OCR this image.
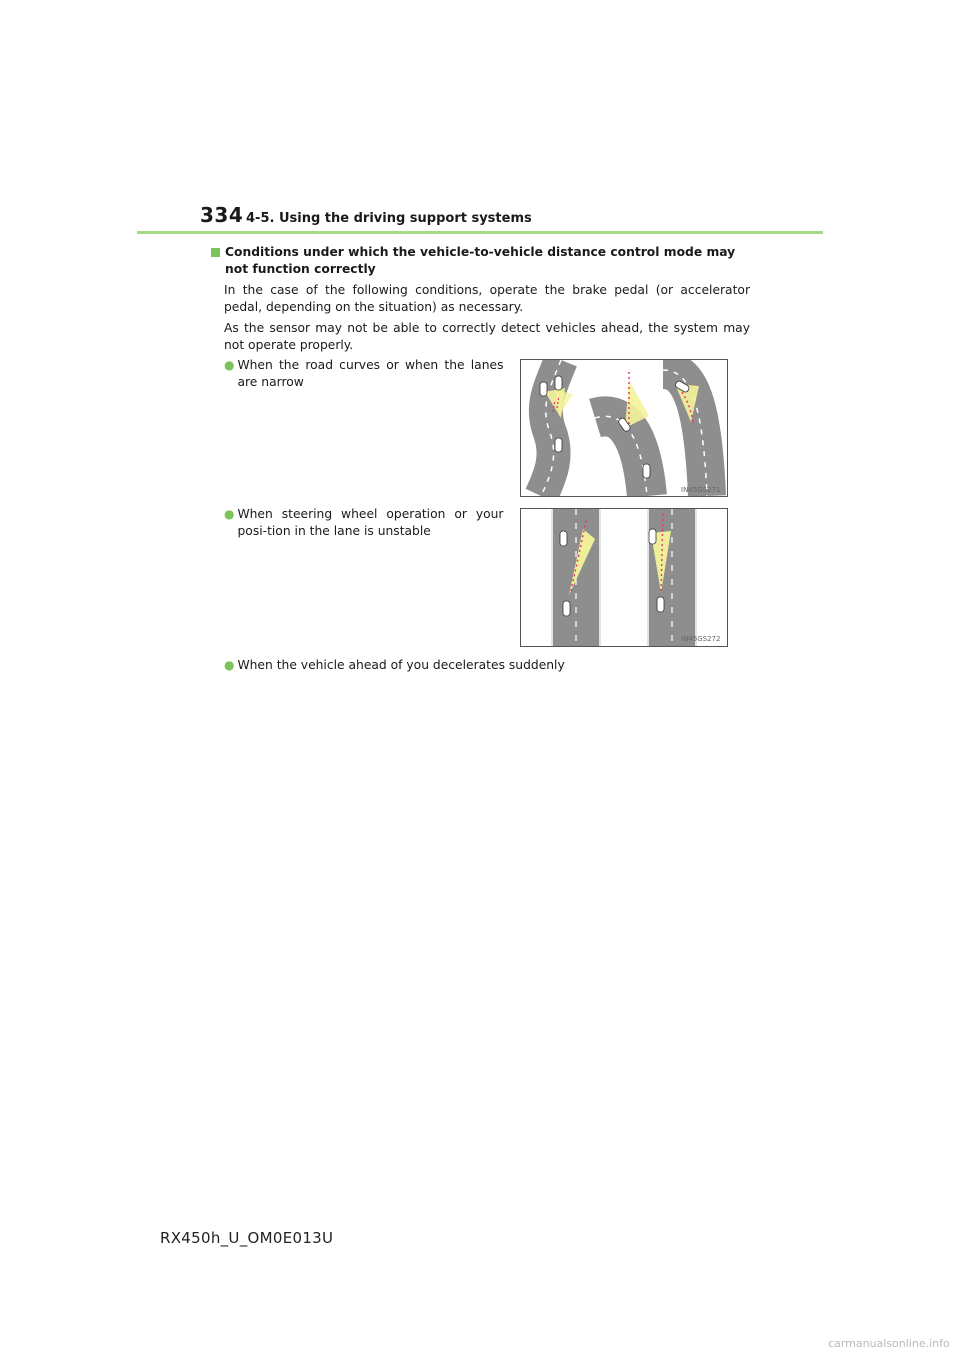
334 4-5. Using the driving support systems
Conditions under which the vehicle-to-vehicle distance control mode may not function correctly

In the case of the following conditions, operate the brake pedal (or accelerator pedal, depending on the situation) as necessary.

As the sensor may not be able to correctly detect vehicles ahead, the system may not operate properly.

● When the road curves or when the lanes are narrow
● When steering wheel operation or your posi-tion in the lane is unstable
● When the vehicle ahead of you decelerates suddenly
IN45GS271
IN45GS272
RX450h_U_OM0E013U
carmanualsonline.info
